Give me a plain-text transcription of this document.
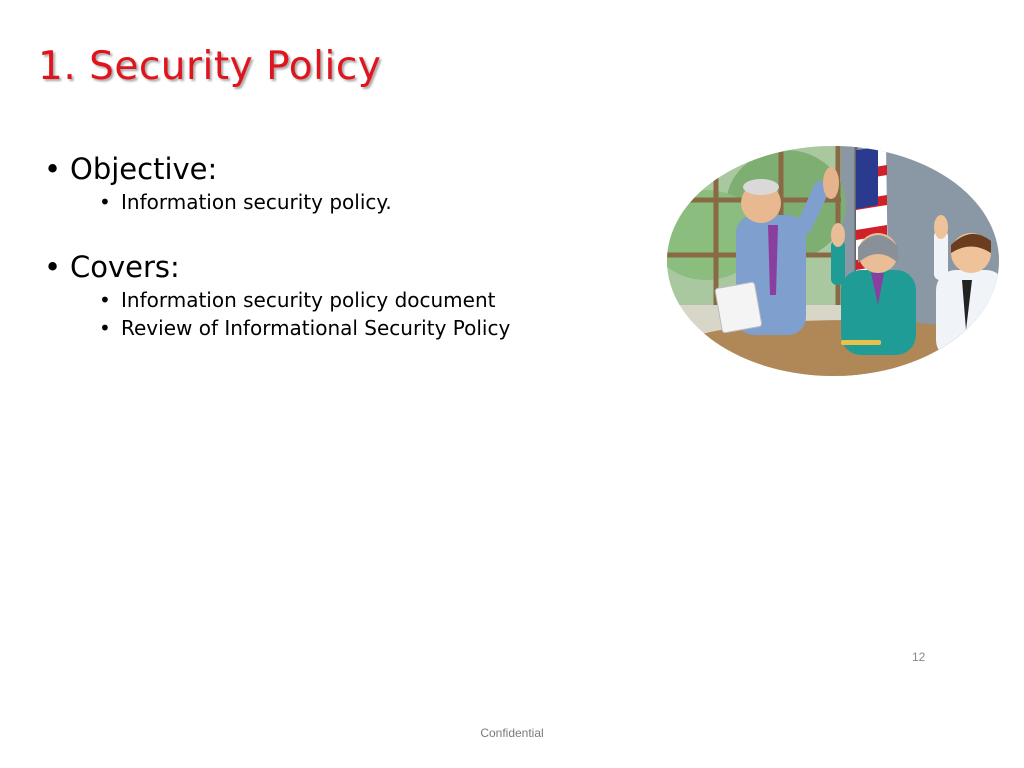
1. Security Policy
• Objective:
• Information security policy.
• Covers:
• Information security policy document
• Review of Informational Security Policy
12
Confidential
